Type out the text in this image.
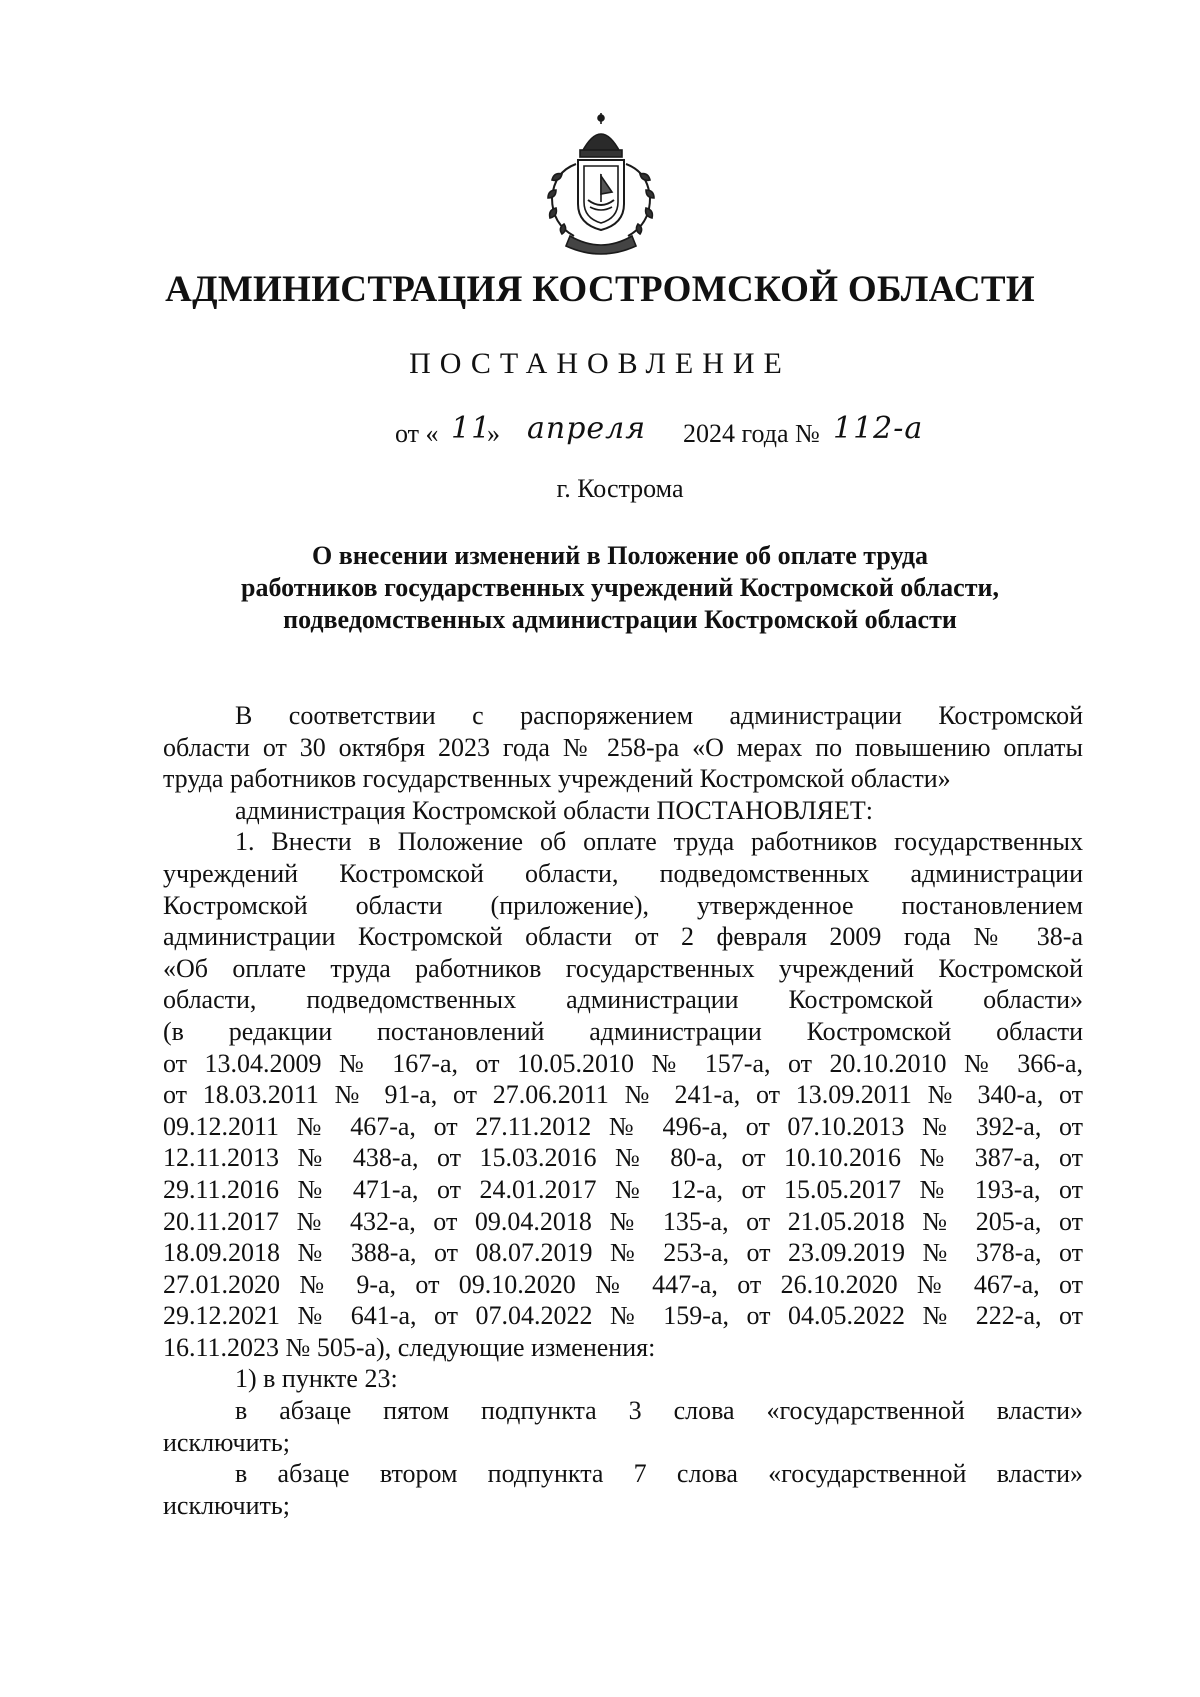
АДМИНИСТРАЦИЯ КОСТРОМСКОЙ ОБЛАСТИ
ПОСТАНОВЛЕНИЕ
от « 11
» апреля 2024 года № 112-а
г. Кострома
О внесении изменений в Положение об оплате труда
работников государственных учреждений Костромской области,
подведомственных администрации Костромской области

В соответствии с распоряжением администрации Костромской

области от 30 октября 2023 года № 258-ра «О мерах по повышению оплаты

труда работников государственных учреждений Костромской области»

администрация Костромской области ПОСТАНОВЛЯЕТ:

1. Внести в Положение об оплате труда работников государственных

учреждений Костромской области, подведомственных администрации

Костромской области (приложение), утвержденное постановлением

администрации Костромской области от 2 февраля 2009 года № 38-а

«Об оплате труда работников государственных учреждений Костромской

области, подведомственных администрации Костромской области»

(в редакции постановлений администрации Костромской области

от 13.04.2009 № 167-а, от 10.05.2010 № 157-а, от 20.10.2010 № 366-а,

от 18.03.2011 № 91-а, от 27.06.2011 № 241-а, от 13.09.2011 № 340-а, от

09.12.2011 № 467-а, от 27.11.2012 № 496-а, от 07.10.2013 № 392-а, от

12.11.2013 № 438-а, от 15.03.2016 № 80-а, от 10.10.2016 № 387-а, от

29.11.2016 № 471-а, от 24.01.2017 № 12-а, от 15.05.2017 № 193-а, от

20.11.2017 № 432-а, от 09.04.2018 № 135-а, от 21.05.2018 № 205-а, от

18.09.2018 № 388-а, от 08.07.2019 № 253-а, от 23.09.2019 № 378-а, от

27.01.2020 № 9-а, от 09.10.2020 № 447-а, от 26.10.2020 № 467-а, от

29.12.2021 № 641-а, от 07.04.2022 № 159-а, от 04.05.2022 № 222-а, от

16.11.2023 № 505-а), следующие изменения:

1) в пункте 23:

в абзаце пятом подпункта 3 слова «государственной власти»

исключить;

в абзаце втором подпункта 7 слова «государственной власти»

исключить;
